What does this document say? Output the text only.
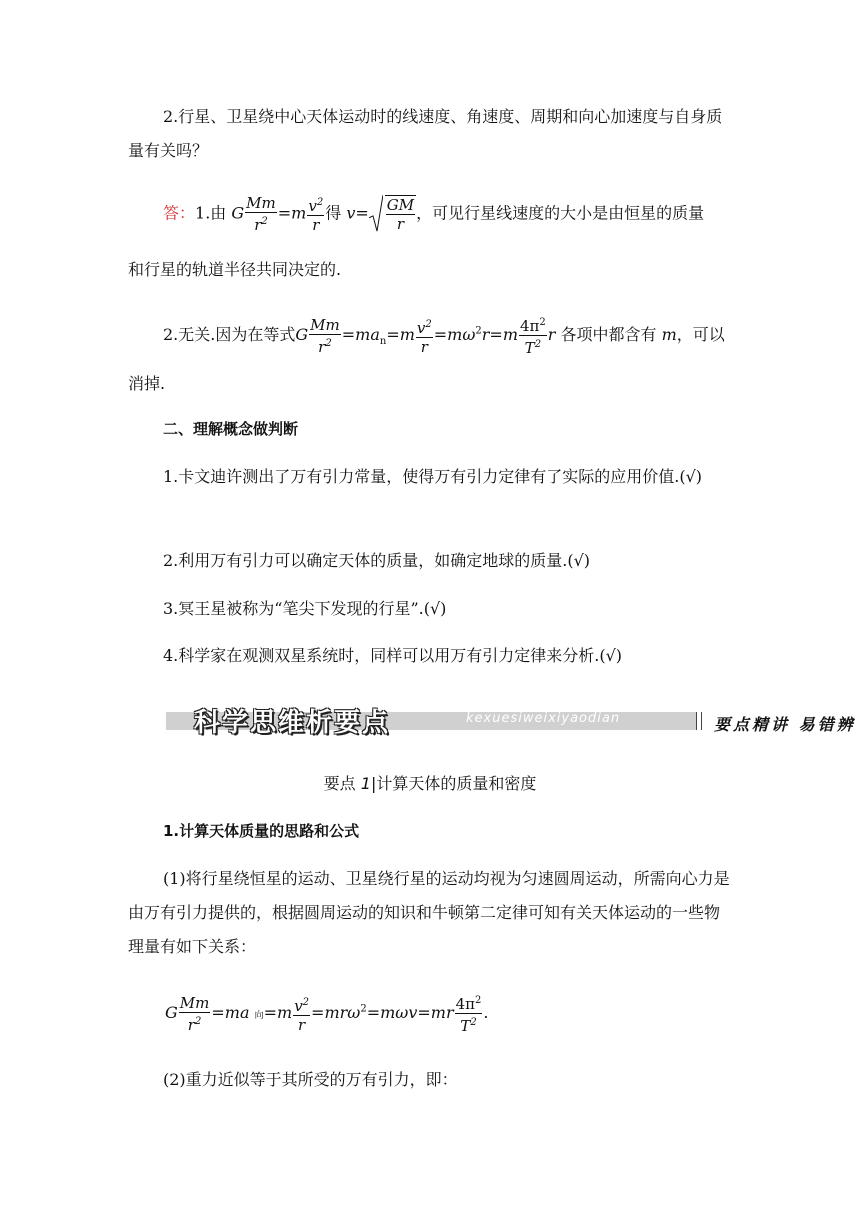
2.行星、卫星绕中心天体运动时的线速度、角速度、周期和向心加速度与自身质量有关吗？
答：1.由 G $\frac{Mm}{r^2} =m \frac{v^2}{r}$ 得 $v= \frac{GM}{r}$ ，可见行星线速度的大小是由恒星的质量
和行星的轨道半径共同决定的.
2.无关.因为在等式G $\frac{Mm}{r^2} =ma_n=m \frac{v^2}{r} =m\omega^2r=m \frac{4\pi^2}{T^2}$ r 各项中都含有 m，可以
消掉.
二、理解概念做判断
1.卡文迪许测出了万有引力常量，使得万有引力定律有了实际的应用价值.(√)
2.利用万有引力可以确定天体的质量，如确定地球的质量.(√)
3.冥王星被称为“笔尖下发现的行星”.(√)
4.科学家在观测双星系统时，同样可以用万有引力定律来分析.(√)
科学思维析要点	kexuesiweixiyaodian	要点精讲 易错辨
要点 1|计算天体的质量和密度
1.计算天体质量的思路和公式
(1)将行星绕恒星的运动、卫星绕行星的运动均视为匀速圆周运动，所需向心力是由万有引力提供的，根据圆周运动的知识和牛顿第二定律可知有关天体运动的一些物理量有如下关系：
G $\frac{Mm}{r^2} =ma$ 向$=m \frac{v^2}{r} =mr\omega^2=m\omega v=mr \frac{4\pi^2}{T^2}$ .
(2)重力近似等于其所受的万有引力，即：
